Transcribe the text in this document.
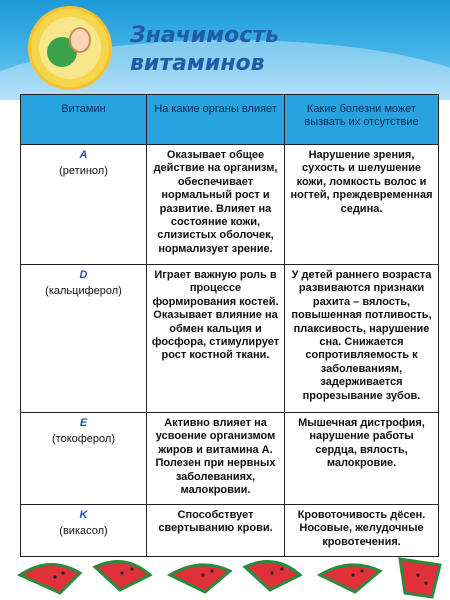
Значимость
витаминов
Витамин	На какие органы влияет	Какие болезни может вызвать их отсутствие

A
(ретинол)	Оказывает общее действие на организм, обеспечивает нормальный рост и развитие. Влияет на состояние кожи, слизистых оболочек, нормализует зрение.	Нарушение зрения, сухость и шелушение кожи, ломкость волос и ногтей, преждевременная седина.

D
(кальциферол)	Играет важную роль в процессе формирования костей. Оказывает влияние на обмен кальция и фосфора, стимулирует рост костной ткани.	У детей раннего возраста развиваются признаки рахита – вялость, повышенная потливость, плаксивость, нарушение сна. Снижается сопротивляемость к заболеваниям, задерживается прорезывание зубов.

E
(токоферол)	Активно влияет на усвоение организмом жиров и витамина А. Полезен при нервных заболеваниях, малокровии.	Мышечная дистрофия, нарушение работы сердца, вялость, малокровие.

K
(викасол)	Способствует свертыванию крови.	Кровоточивость дёсен. Носовые, желудочные кровотечения.
